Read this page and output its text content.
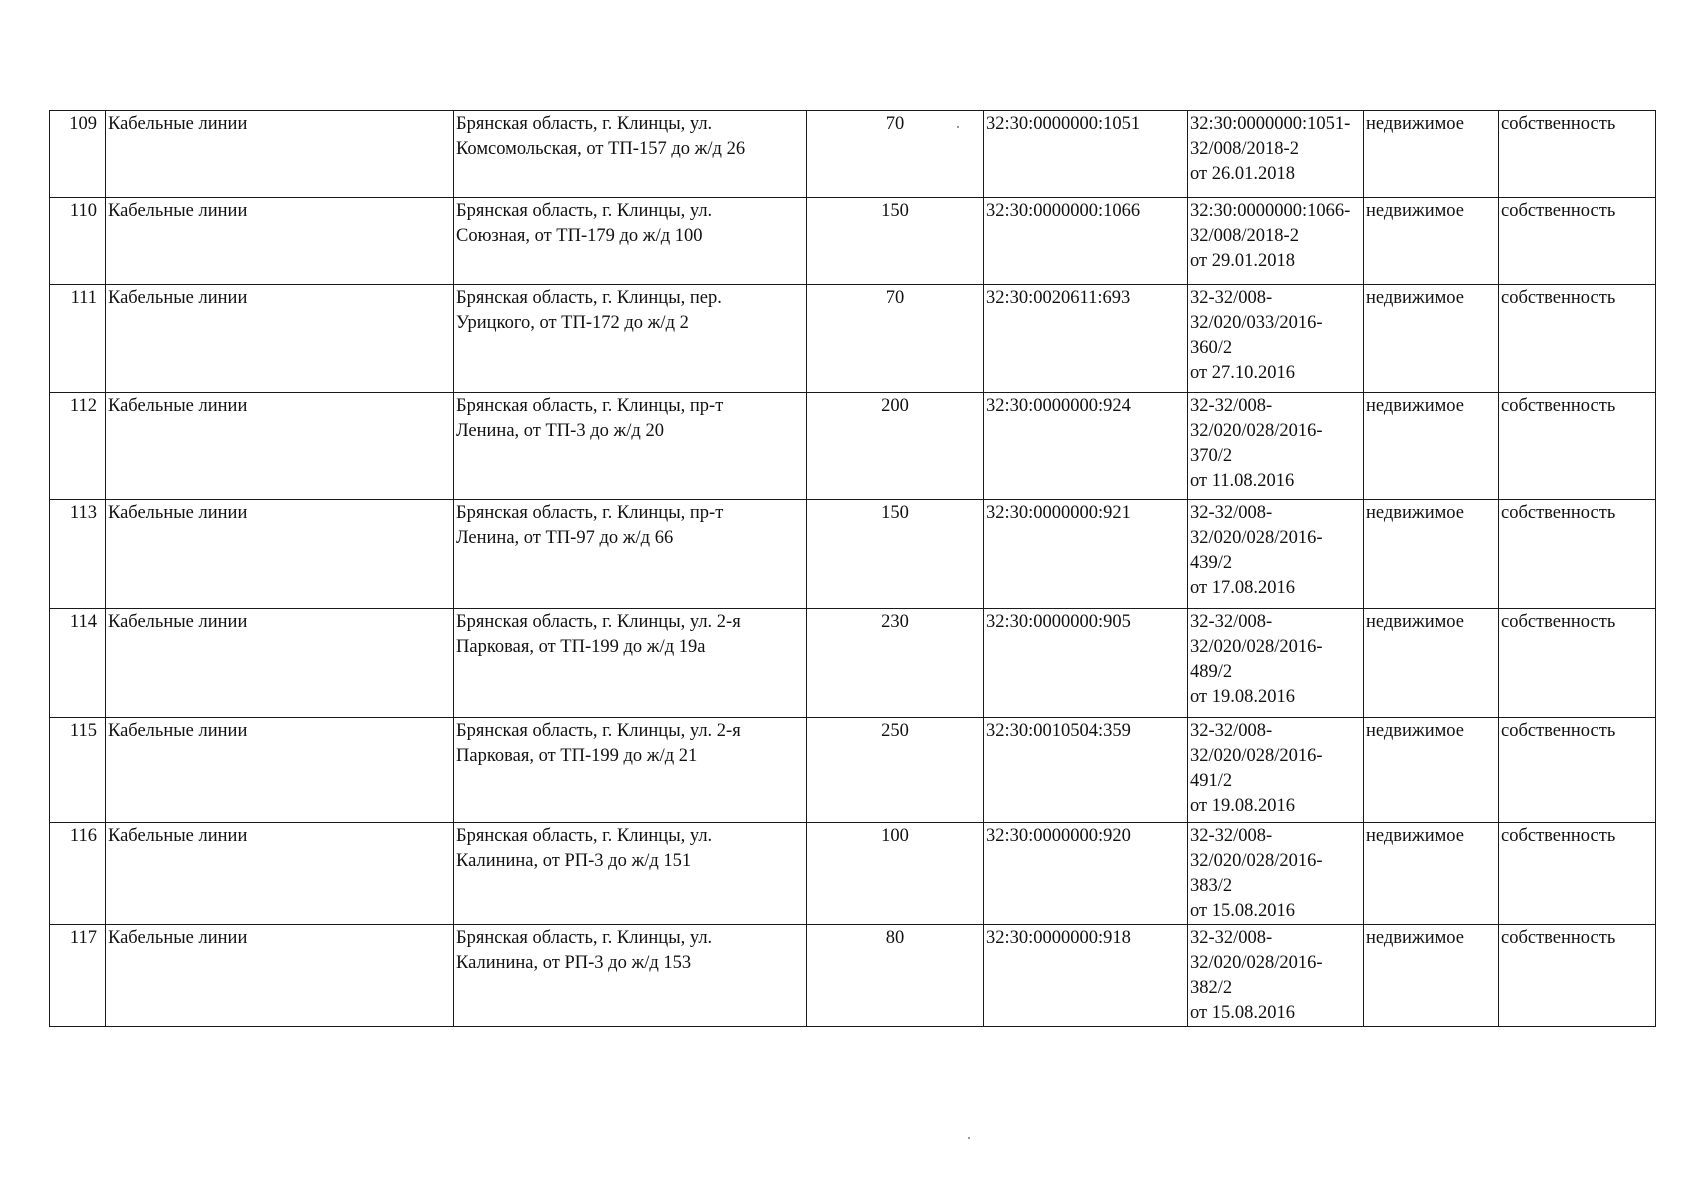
109	Кабельные линии	Брянская область, г. Клинцы, ул.
Комсомольская, от ТП-157 до ж/д 26	70	32:30:0000000:1051	32:30:0000000:1051-
32/008/2018-2
от 26.01.2018	недвижимое	собственность
110	Кабельные линии	Брянская область, г. Клинцы, ул.
Союзная, от ТП-179 до ж/д 100	150	32:30:0000000:1066	32:30:0000000:1066-
32/008/2018-2
от 29.01.2018	недвижимое	собственность
111	Кабельные линии	Брянская область, г. Клинцы, пер.
Урицкого, от ТП-172 до ж/д 2	70	32:30:0020611:693	32-32/008-
32/020/033/2016-
360/2
от 27.10.2016	недвижимое	собственность
112	Кабельные линии	Брянская область, г. Клинцы, пр-т
Ленина, от ТП-3 до ж/д 20	200	32:30:0000000:924	32-32/008-
32/020/028/2016-
370/2
от 11.08.2016	недвижимое	собственность
113	Кабельные линии	Брянская область, г. Клинцы, пр-т
Ленина, от ТП-97 до ж/д 66	150	32:30:0000000:921	32-32/008-
32/020/028/2016-
439/2
от 17.08.2016	недвижимое	собственность
114	Кабельные линии	Брянская область, г. Клинцы, ул. 2-я
Парковая, от ТП-199 до ж/д 19а	230	32:30:0000000:905	32-32/008-
32/020/028/2016-
489/2
от 19.08.2016	недвижимое	собственность
115	Кабельные линии	Брянская область, г. Клинцы, ул. 2-я
Парковая, от ТП-199 до ж/д 21	250	32:30:0010504:359	32-32/008-
32/020/028/2016-
491/2
от 19.08.2016	недвижимое	собственность
116	Кабельные линии	Брянская область, г. Клинцы, ул.
Калинина, от РП-3 до ж/д 151	100	32:30:0000000:920	32-32/008-
32/020/028/2016-
383/2
от 15.08.2016	недвижимое	собственность
117	Кабельные линии	Брянская область, г. Клинцы, ул.
Калинина, от РП-3 до ж/д 153	80	32:30:0000000:918	32-32/008-
32/020/028/2016-
382/2
от 15.08.2016	недвижимое	собственность
